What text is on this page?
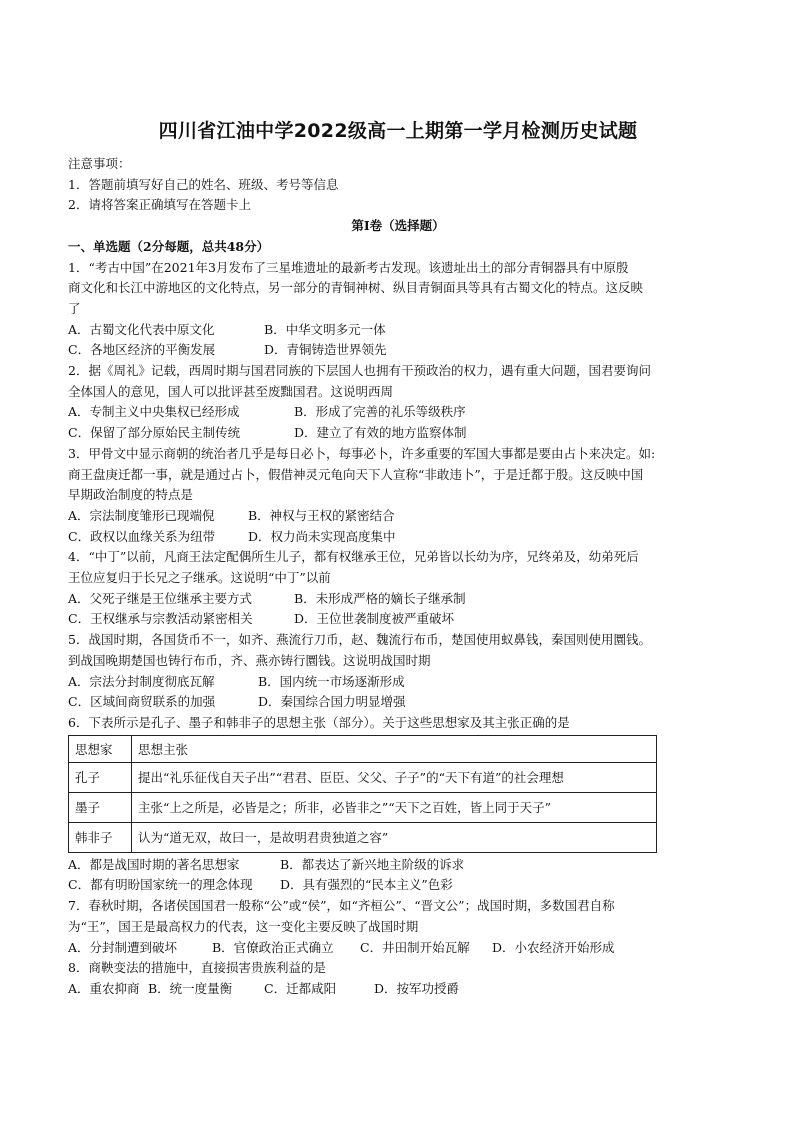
四川省江油中学2022级高一上期第一学月检测历史试题
注意事项：
1．答题前填写好自己的姓名、班级、考号等信息
2．请将答案正确填写在答题卡上
第I卷（选择题）
一、单选题（2分每题，总共48分）
1．“考古中国”在2021年3月发布了三星堆遗址的最新考古发现。该遗址出土的部分青铜器具有中原殷
商文化和长江中游地区的文化特点，另一部分的青铜神树、纵目青铜面具等具有古蜀文化的特点。这反映
了
A．古蜀文化代表中原文化	B．中华文明多元一体
C．各地区经济的平衡发展	D．青铜铸造世界领先
2．据《周礼》记载，西周时期与国君同族的下层国人也拥有干预政治的权力，遇有重大问题，国君要询问
全体国人的意见，国人可以批评甚至废黜国君。这说明西周
A．专制主义中央集权已经形成	B．形成了完善的礼乐等级秩序
C．保留了部分原始民主制传统	D．建立了有效的地方监察体制
3．甲骨文中显示商朝的统治者几乎是每日必卜，每事必卜，许多重要的军国大事都是要由占卜来决定。如:
商王盘庚迁都一事，就是通过占卜，假借神灵元龟向天下人宣称“非敢违卜”，于是迁都于殷。这反映中国
早期政治制度的特点是
A．宗法制度雏形已现端倪	B．神权与王权的紧密结合
C．政权以血缘关系为纽带	D．权力尚未实现高度集中
4．“中丁”以前，凡商王法定配偶所生儿子，都有权继承王位，兄弟皆以长幼为序，兄终弟及，幼弟死后
王位应复归于长兄之子继承。这说明“中丁”以前
A．父死子继是王位继承主要方式	B．未形成严格的嫡长子继承制
C．王权继承与宗教活动紧密相关	D．王位世袭制度被严重破坏
5．战国时期，各国货币不一，如齐、燕流行刀币，赵、魏流行布币，楚国使用蚁鼻钱，秦国则使用圜钱。
到战国晚期楚国也铸行布币，齐、燕亦铸行圜钱。这说明战国时期
A．宗法分封制度彻底瓦解	B．国内统一市场逐渐形成
C．区域间商贸联系的加强	D．秦国综合国力明显增强
6．下表所示是孔子、墨子和韩非子的思想主张（部分）。关于这些思想家及其主张正确的是
思想家	思想主张
孔子	提出“礼乐征伐自天子出”“君君、臣臣、父父、子子”的“天下有道”的社会理想
墨子	主张“上之所是，必皆是之；所非，必皆非之”“天下之百姓，皆上同于天子”
韩非子	认为“道无双，故曰一，是故明君贵独道之容”
A．都是战国时期的著名思想家	B．都表达了新兴地主阶级的诉求
C．都有明盼国家统一的理念体现 D．具有强烈的“民本主义”色彩
7．春秋时期，各诸侯国国君一般称“公”或“侯”，如“齐桓公”、“晋文公”；战国时期，多数国君自称
为“王”，国王是最高权力的代表，这一变化主要反映了战国时期
A．分封制遭到破坏	B．官僚政治正式确立 C．井田制开始瓦解 D．小农经济开始形成
8．商鞅变法的措施中，直接损害贵族利益的是
A．重农抑商 B．统一度量衡	C．迁都咸阳	D．按军功授爵
